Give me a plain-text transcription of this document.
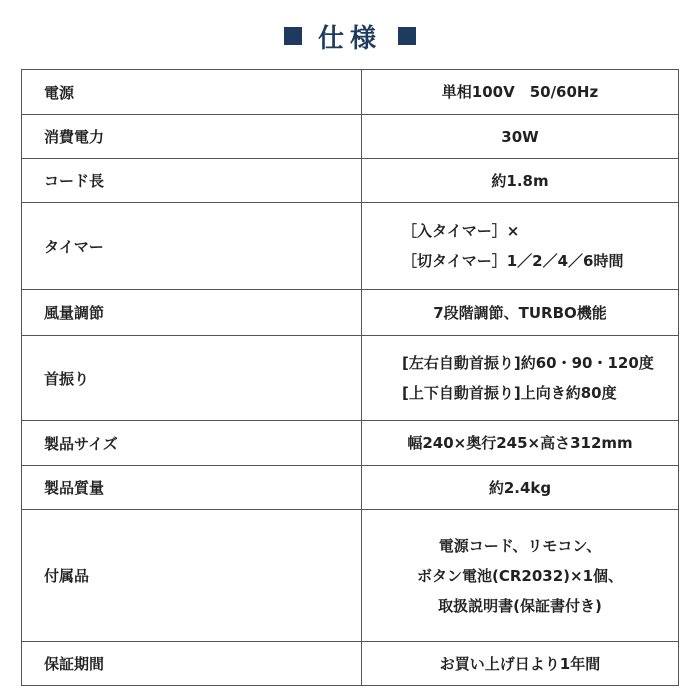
仕様
電源	単相100V　50/60Hz

消費電力	30W

コード長	約1.8m

タイマー	［入タイマー］×
［切タイマー］1／2／4／6時間

風量調節	7段階調節、TURBO機能

首振り	[左右自動首振り]約60・90・120度
[上下自動首振り]上向き約80度

製品サイズ	幅240×奥行245×高さ312mm

製品質量	約2.4kg

付属品	電源コード、リモコン、
ボタン電池(CR2032)×1個、
取扱説明書(保証書付き)

保証期間	お買い上げ日より1年間
